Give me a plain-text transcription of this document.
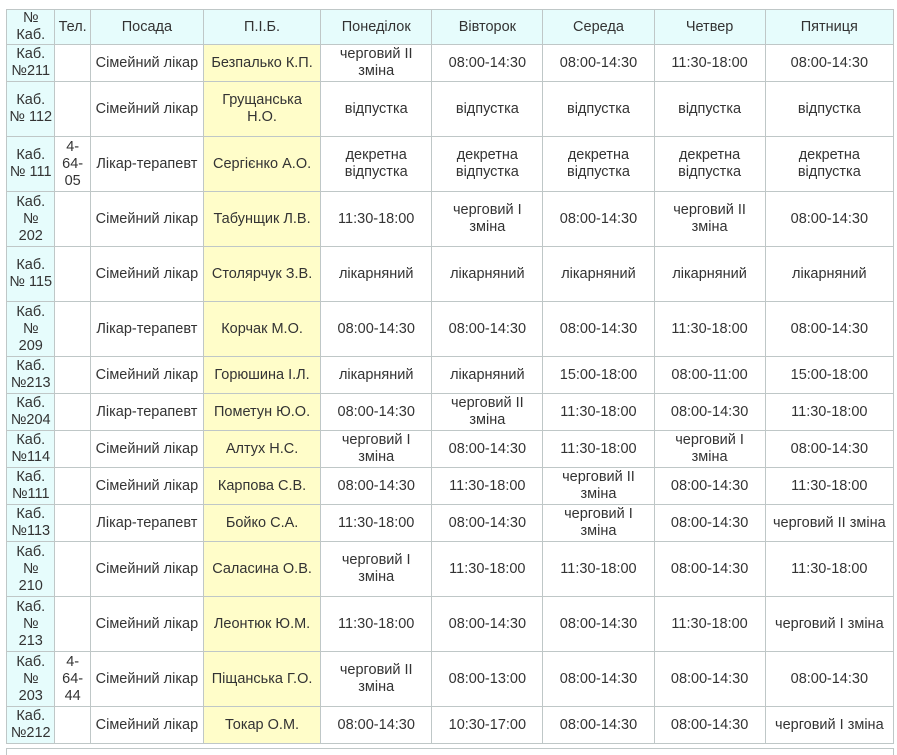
№ Каб.	Тел.	Посада	П.І.Б.	Понеділок	Вівторок	Середа	Четвер	Пятниця
Каб. №211		Сімейний лікар	Безпалько К.П.	черговий ІІ зміна	08:00-14:30	08:00-14:30	11:30-18:00	08:00-14:30
Каб. № 112		Сімейний лікар	Грущанська Н.О.	відпустка	відпустка	відпустка	відпустка	відпустка
Каб. № 111	4-64-05	Лікар-терапевт	Сергієнко А.О.	декретна відпустка	декретна відпустка	декретна відпустка	декретна відпустка	декретна відпустка
Каб. № 202		Сімейний лікар	Табунщик Л.В.	11:30-18:00	черговий І зміна	08:00-14:30	черговий ІІ зміна	08:00-14:30
Каб. № 115		Сімейний лікар	Столярчук З.В.	лікарняний	лікарняний	лікарняний	лікарняний	лікарняний
Каб. № 209		Лікар-терапевт	Корчак М.О.	08:00-14:30	08:00-14:30	08:00-14:30	11:30-18:00	08:00-14:30
Каб. №213		Сімейний лікар	Горюшина І.Л.	лікарняний	лікарняний	15:00-18:00	08:00-11:00	15:00-18:00
Каб. №204		Лікар-терапевт	Пометун Ю.О.	08:00-14:30	черговий ІІ зміна	11:30-18:00	08:00-14:30	11:30-18:00
Каб. №114		Сімейний лікар	Алтух Н.С.	черговий І зміна	08:00-14:30	11:30-18:00	черговий І зміна	08:00-14:30
Каб. №111		Сімейний лікар	Карпова С.В.	08:00-14:30	11:30-18:00	черговий ІІ зміна	08:00-14:30	11:30-18:00
Каб. №113		Лікар-терапевт	Бойко С.А.	11:30-18:00	08:00-14:30	черговий І зміна	08:00-14:30	черговий ІІ зміна
Каб. № 210		Сімейний лікар	Саласина О.В.	черговий І зміна	11:30-18:00	11:30-18:00	08:00-14:30	11:30-18:00
Каб. № 213		Сімейний лікар	Леонтюк Ю.М.	11:30-18:00	08:00-14:30	08:00-14:30	11:30-18:00	черговий І зміна
Каб. № 203	4-64-44	Сімейний лікар	Піщанська Г.О.	черговий ІІ зміна	08:00-13:00	08:00-14:30	08:00-14:30	08:00-14:30
Каб. №212		Сімейний лікар	Токар О.М.	08:00-14:30	10:30-17:00	08:00-14:30	08:00-14:30	черговий І зміна
